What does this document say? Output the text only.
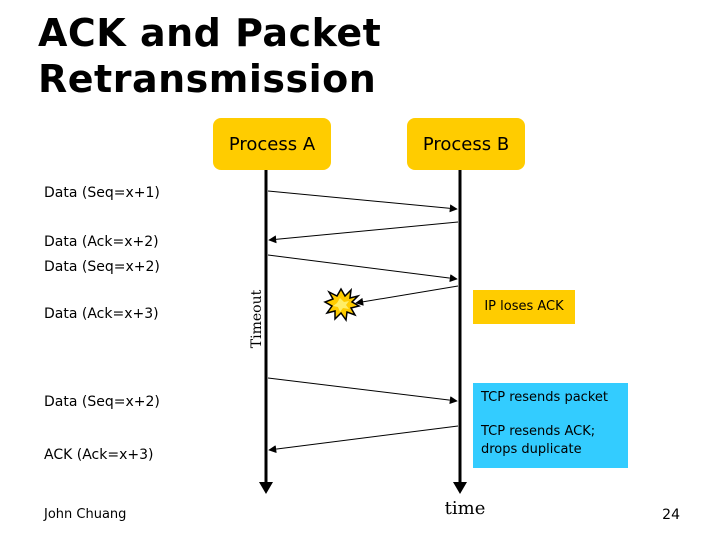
ACK and Packet Retransmission
Process A	Process B
Data (Seq=x+1)
Data (Ack=x+2)
Data (Seq=x+2)
Data (Ack=x+3)
Data (Seq=x+2)
ACK (Ack=x+3)
Timeout	IP loses ACK
TCP resends packet
TCP resends ACK; drops duplicate
time
John Chuang	24
